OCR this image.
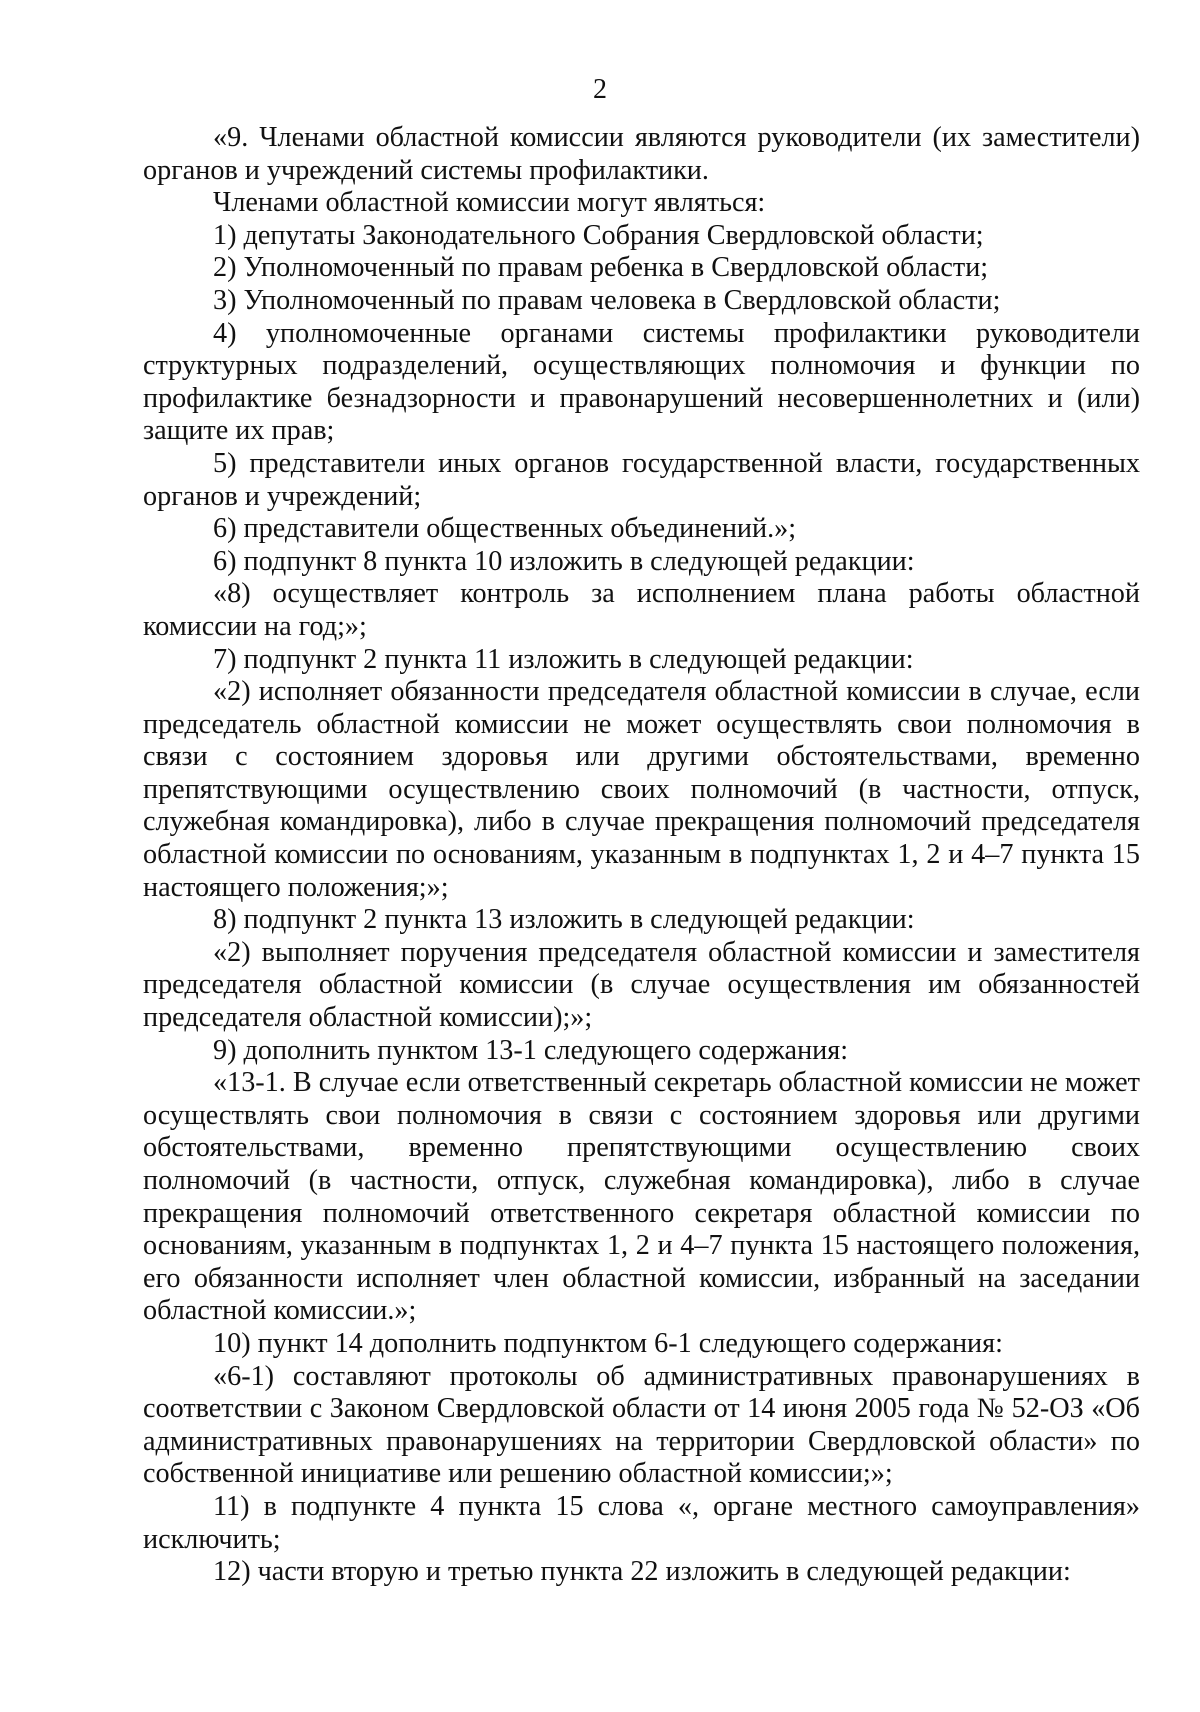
2

«9. Членами областной комиссии являются руководители (их заместители) органов и учреждений системы профилактики.

Членами областной комиссии могут являться:

1) депутаты Законодательного Собрания Свердловской области;

2) Уполномоченный по правам ребенка в Свердловской области;

3) Уполномоченный по правам человека в Свердловской области;

4) уполномоченные органами системы профилактики руководители структурных подразделений, осуществляющих полномочия и функции по профилактике безнадзорности и правонарушений несовершеннолетних и (или) защите их прав;

5) представители иных органов государственной власти, государственных органов и учреждений;

6) представители общественных объединений.»;

6) подпункт 8 пункта 10 изложить в следующей редакции:

«8) осуществляет контроль за исполнением плана работы областной комиссии на год;»;

7) подпункт 2 пункта 11 изложить в следующей редакции:

«2) исполняет обязанности председателя областной комиссии в случае, если председатель областной комиссии не может осуществлять свои полномочия в связи с состоянием здоровья или другими обстоятельствами, временно препятствующими осуществлению своих полномочий (в частности, отпуск, служебная командировка), либо в случае прекращения полномочий председателя областной комиссии по основаниям, указанным в подпунктах 1, 2 и 4–7 пункта 15 настоящего положения;»;

8) подпункт 2 пункта 13 изложить в следующей редакции:

«2) выполняет поручения председателя областной комиссии и заместителя председателя областной комиссии (в случае осуществления им обязанностей председателя областной комиссии);»;

9) дополнить пунктом 13-1 следующего содержания:

«13-1. В случае если ответственный секретарь областной комиссии не может осуществлять свои полномочия в связи с состоянием здоровья или другими обстоятельствами, временно препятствующими осуществлению своих полномочий (в частности, отпуск, служебная командировка), либо в случае прекращения полномочий ответственного секретаря областной комиссии по основаниям, указанным в подпунктах 1, 2 и 4–7 пункта 15 настоящего положения, его обязанности исполняет член областной комиссии, избранный на заседании областной комиссии.»;

10) пункт 14 дополнить подпунктом 6-1 следующего содержания:

«6-1) составляют протоколы об административных правонарушениях в соответствии с Законом Свердловской области от 14 июня 2005 года № 52-ОЗ «Об административных правонарушениях на территории Свердловской области» по собственной инициативе или решению областной комиссии;»;

11) в подпункте 4 пункта 15 слова «, органе местного самоуправления» исключить;

12) части вторую и третью пункта 22 изложить в следующей редакции:
